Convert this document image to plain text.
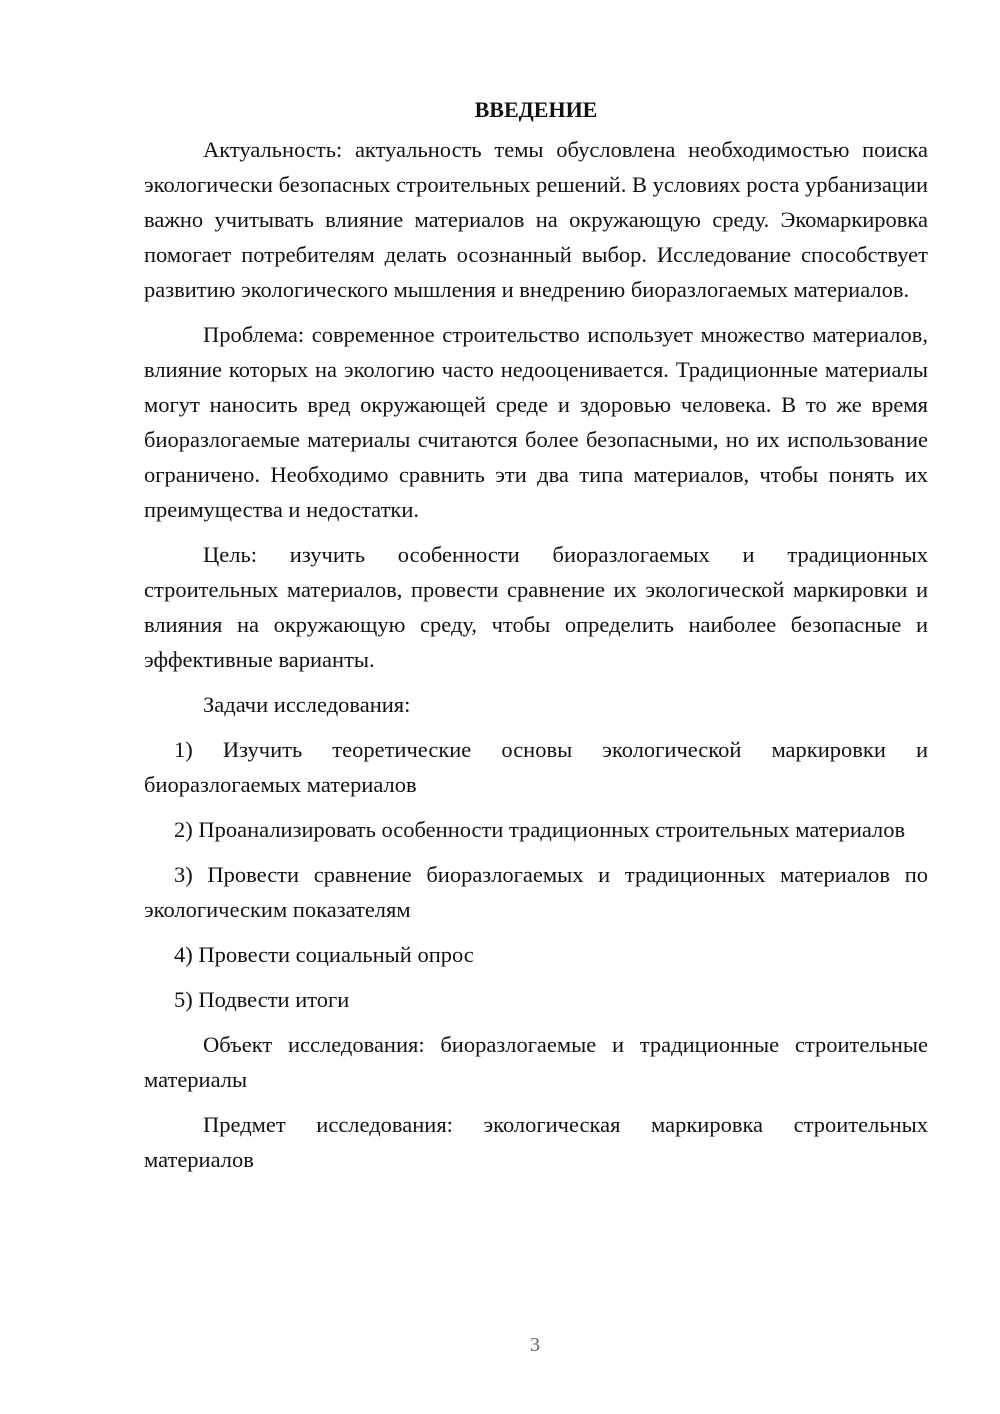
ВВЕДЕНИЕ

Актуальность: актуальность темы обусловлена необходимостью поиска экологически безопасных строительных решений. В условиях роста урбанизации важно учитывать влияние материалов на окружающую среду. Экомаркировка помогает потребителям делать осознанный выбор. Исследование способствует развитию экологического мышления и внедрению биоразлогаемых материалов.

Проблема: современное строительство использует множество материалов, влияние которых на экологию часто недооценивается. Традиционные материалы могут наносить вред окружающей среде и здоровью человека. В то же время биоразлогаемые материалы считаются более безопасными, но их использование ограничено. Необходимо сравнить эти два типа материалов, чтобы понять их преимущества и недостатки.

Цель: изучить особенности биоразлогаемых и традиционных строительных материалов, провести сравнение их экологической маркировки и влияния на окружающую среду, чтобы определить наиболее безопасные и эффективные варианты.

Задачи исследования:

1) Изучить теоретические основы экологической маркировки и биоразлогаемых материалов

2) Проанализировать особенности традиционных строительных материалов

3) Провести сравнение биоразлогаемых и традиционных материалов по экологическим показателям

4) Провести социальный опрос

5) Подвести итоги

Объект исследования: биоразлогаемые и традиционные строительные материалы

Предмет исследования: экологическая маркировка строительных материалов

3
